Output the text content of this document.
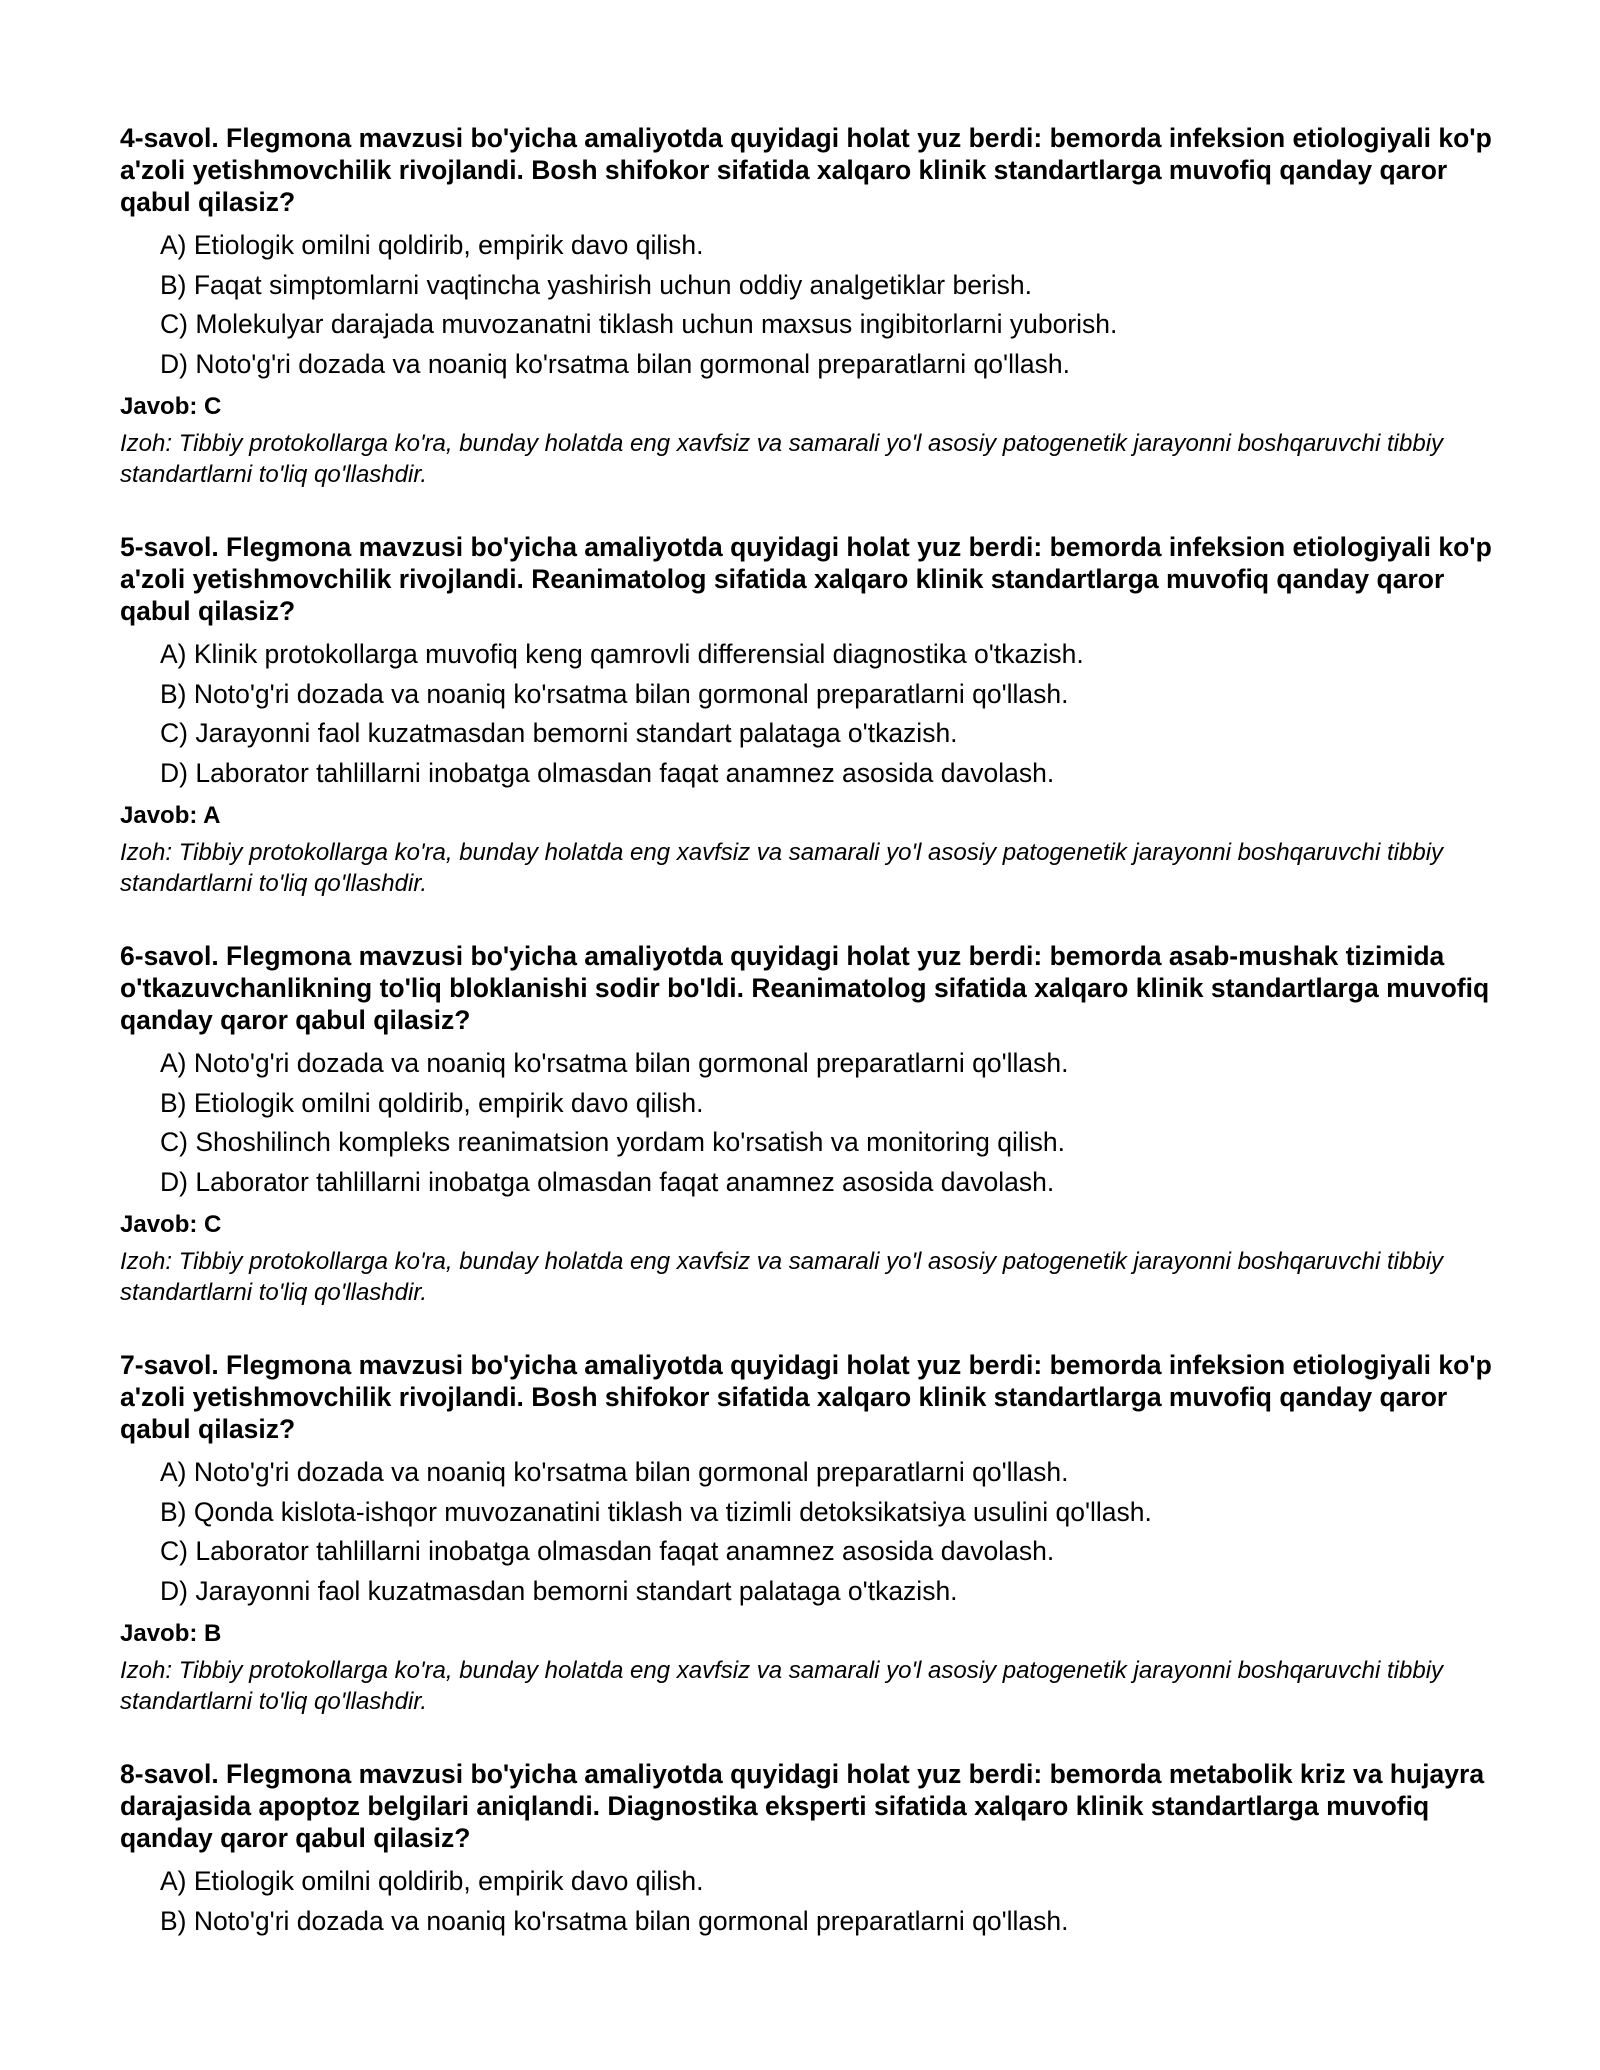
4-savol. Flegmona mavzusi bo'yicha amaliyotda quyidagi holat yuz berdi: bemorda infeksion etiologiyali ko'p a'zoli yetishmovchilik rivojlandi. Bosh shifokor sifatida xalqaro klinik standartlarga muvofiq qanday qaror qabul qilasiz?
A) Etiologik omilni qoldirib, empirik davo qilish.
B) Faqat simptomlarni vaqtincha yashirish uchun oddiy analgetiklar berish.
C) Molekulyar darajada muvozanatni tiklash uchun maxsus ingibitorlarni yuborish.
D) Noto'g'ri dozada va noaniq ko'rsatma bilan gormonal preparatlarni qo'llash.
Javob: C

Izoh: Tibbiy protokollarga ko'ra, bunday holatda eng xavfsiz va samarali yo'l asosiy patogenetik jarayonni boshqaruvchi tibbiy standartlarni to'liq qo'llashdir.

5-savol. Flegmona mavzusi bo'yicha amaliyotda quyidagi holat yuz berdi: bemorda infeksion etiologiyali ko'p a'zoli yetishmovchilik rivojlandi. Reanimatolog sifatida xalqaro klinik standartlarga muvofiq qanday qaror qabul qilasiz?
A) Klinik protokollarga muvofiq keng qamrovli differensial diagnostika o'tkazish.
B) Noto'g'ri dozada va noaniq ko'rsatma bilan gormonal preparatlarni qo'llash.
C) Jarayonni faol kuzatmasdan bemorni standart palataga o'tkazish.
D) Laborator tahlillarni inobatga olmasdan faqat anamnez asosida davolash.
Javob: A

Izoh: Tibbiy protokollarga ko'ra, bunday holatda eng xavfsiz va samarali yo'l asosiy patogenetik jarayonni boshqaruvchi tibbiy standartlarni to'liq qo'llashdir.

6-savol. Flegmona mavzusi bo'yicha amaliyotda quyidagi holat yuz berdi: bemorda asab-mushak tizimida o'tkazuvchanlikning to'liq bloklanishi sodir bo'ldi. Reanimatolog sifatida xalqaro klinik standartlarga muvofiq qanday qaror qabul qilasiz?
A) Noto'g'ri dozada va noaniq ko'rsatma bilan gormonal preparatlarni qo'llash.
B) Etiologik omilni qoldirib, empirik davo qilish.
C) Shoshilinch kompleks reanimatsion yordam ko'rsatish va monitoring qilish.
D) Laborator tahlillarni inobatga olmasdan faqat anamnez asosida davolash.
Javob: C

Izoh: Tibbiy protokollarga ko'ra, bunday holatda eng xavfsiz va samarali yo'l asosiy patogenetik jarayonni boshqaruvchi tibbiy standartlarni to'liq qo'llashdir.

7-savol. Flegmona mavzusi bo'yicha amaliyotda quyidagi holat yuz berdi: bemorda infeksion etiologiyali ko'p a'zoli yetishmovchilik rivojlandi. Bosh shifokor sifatida xalqaro klinik standartlarga muvofiq qanday qaror qabul qilasiz?
A) Noto'g'ri dozada va noaniq ko'rsatma bilan gormonal preparatlarni qo'llash.
B) Qonda kislota-ishqor muvozanatini tiklash va tizimli detoksikatsiya usulini qo'llash.
C) Laborator tahlillarni inobatga olmasdan faqat anamnez asosida davolash.
D) Jarayonni faol kuzatmasdan bemorni standart palataga o'tkazish.
Javob: B

Izoh: Tibbiy protokollarga ko'ra, bunday holatda eng xavfsiz va samarali yo'l asosiy patogenetik jarayonni boshqaruvchi tibbiy standartlarni to'liq qo'llashdir.

8-savol. Flegmona mavzusi bo'yicha amaliyotda quyidagi holat yuz berdi: bemorda metabolik kriz va hujayra darajasida apoptoz belgilari aniqlandi. Diagnostika eksperti sifatida xalqaro klinik standartlarga muvofiq qanday qaror qabul qilasiz?
A) Etiologik omilni qoldirib, empirik davo qilish.
B) Noto'g'ri dozada va noaniq ko'rsatma bilan gormonal preparatlarni qo'llash.
